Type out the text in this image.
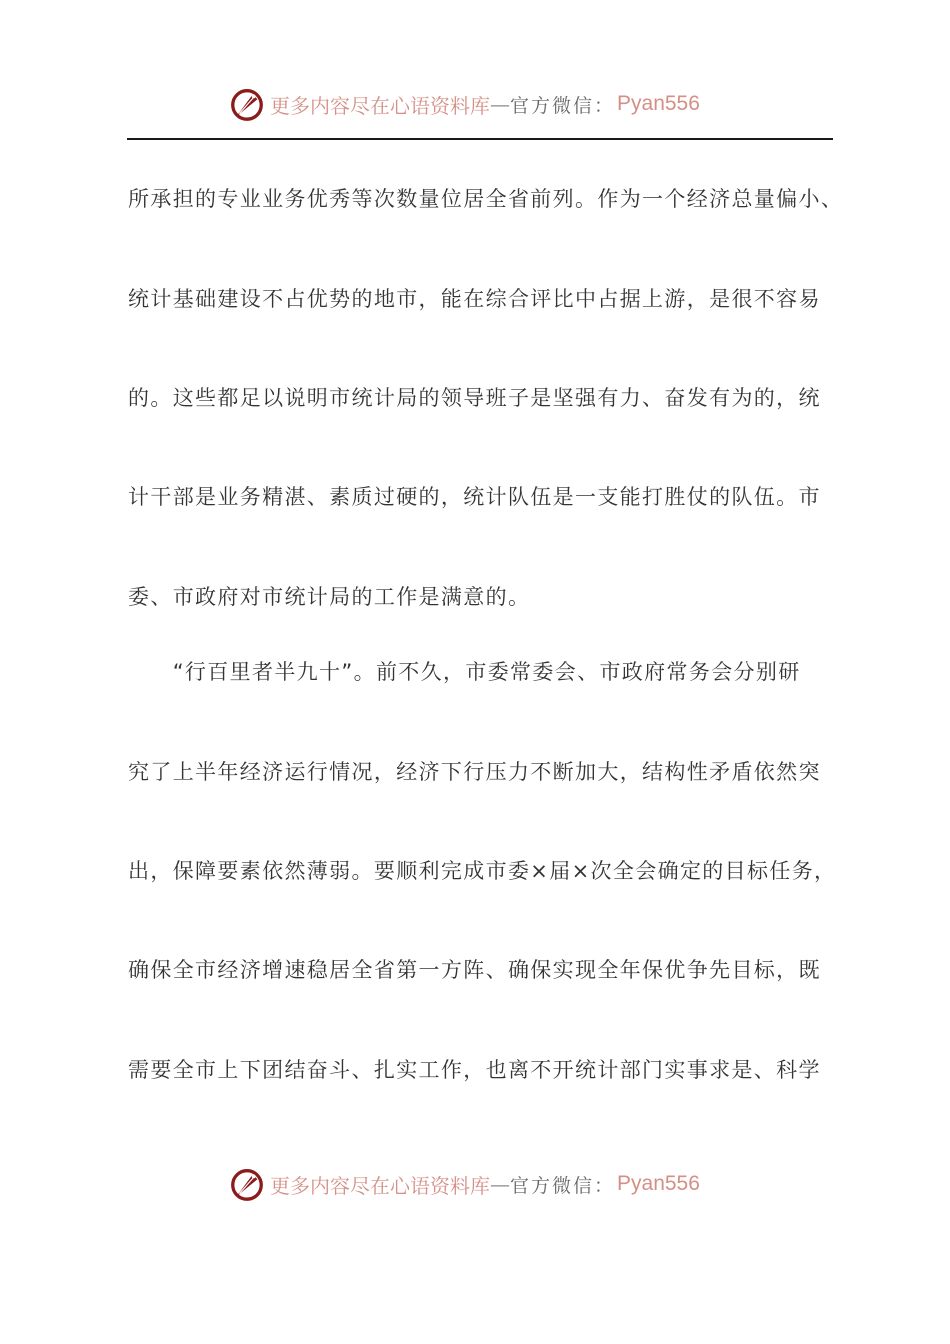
更多内容尽在心语资料库 — 官方微信： Pyan556
所承担的专业业务优秀等次数量位居全省前列。作为一个经济总量偏小、
统计基础建设不占优势的地市，能在综合评比中占据上游，是很不容易
的。这些都足以说明市统计局的领导班子是坚强有力、奋发有为的，统
计干部是业务精湛、素质过硬的，统计队伍是一支能打胜仗的队伍。市
委、市政府对市统计局的工作是满意的。
　　“行百里者半九十”。前不久，市委常委会、市政府常务会分别研
究了上半年经济运行情况，经济下行压力不断加大，结构性矛盾依然突
出，保障要素依然薄弱。要顺利完成市委×届×次全会确定的目标任务，
确保全市经济增速稳居全省第一方阵、确保实现全年保优争先目标，既
需要全市上下团结奋斗、扎实工作，也离不开统计部门实事求是、科学
更多内容尽在心语资料库 — 官方微信： Pyan556
